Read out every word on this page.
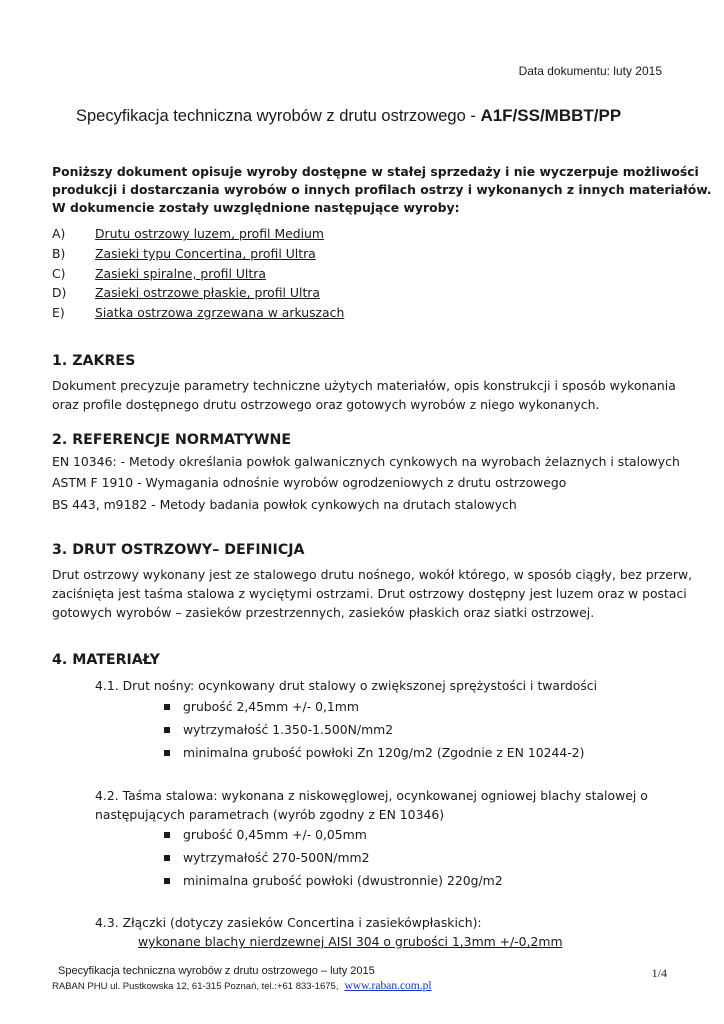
Data dokumentu: luty 2015
Specyfikacja techniczna wyrobów z drutu ostrzowego - A1F/SS/MBBT/PP
Poniższy dokument opisuje wyroby dostępne w stałej sprzedaży i nie wyczerpuje możliwości
produkcji i dostarczania wyrobów o innych profilach ostrzy i wykonanych z innych materiałów.
W dokumencie zostały uwzględnione następujące wyroby:
A)	Drutu ostrzowy luzem, profil Medium
B)	Zasieki typu Concertina, profil Ultra
C)	Zasieki spiralne, profil Ultra
D)	Zasieki ostrzowe płaskie, profil Ultra
E)	Siatka ostrzowa zgrzewana w arkuszach
1. ZAKRES
Dokument precyzuje parametry techniczne użytych materiałów, opis konstrukcji i sposób wykonania
oraz profile dostępnego drutu ostrzowego oraz gotowych wyrobów z niego wykonanych.
2. REFERENCJE NORMATYWNE
EN 10346: - Metody określania powłok galwanicznych cynkowych na wyrobach żelaznych i stalowych
ASTM F 1910 - Wymagania odnośnie wyrobów ogrodzeniowych z drutu ostrzowego
BS 443, m9182 - Metody badania powłok cynkowych na drutach stalowych
3. DRUT OSTRZOWY– DEFINICJA
Drut ostrzowy wykonany jest ze stalowego drutu nośnego, wokół którego, w sposób ciągły, bez przerw,
zaciśnięta jest taśma stalowa z wyciętymi ostrzami. Drut ostrzowy dostępny jest luzem oraz w postaci
gotowych wyrobów – zasieków przestrzennych, zasieków płaskich oraz siatki ostrzowej.
4. MATERIAŁY
4.1. Drut nośny: ocynkowany drut stalowy o zwiększonej sprężystości i twardości
grubość 2,45mm +/- 0,1mm
wytrzymałość 1.350-1.500N/mm2
minimalna grubość powłoki Zn 120g/m2 (Zgodnie z EN 10244-2)
4.2. Taśma stalowa: wykonana z niskowęglowej, ocynkowanej ogniowej blachy stalowej o
następujących parametrach (wyrób zgodny z EN 10346)
grubość 0,45mm +/- 0,05mm
wytrzymałość 270-500N/mm2
minimalna grubość powłoki (dwustronnie) 220g/m2
4.3. Złączki (dotyczy zasieków Concertina i zasiekówpłaskich):
wykonane blachy nierdzewnej AISI 304 o grubości 1,3mm +/-0,2mm
Specyfikacja techniczna wyrobów z drutu ostrzowego – luty 2015
RABAN PHU ul. Pustkowska 12, 61-315 Poznań, tel.:+61 833-1675, www.raban.com.pl
1/4
